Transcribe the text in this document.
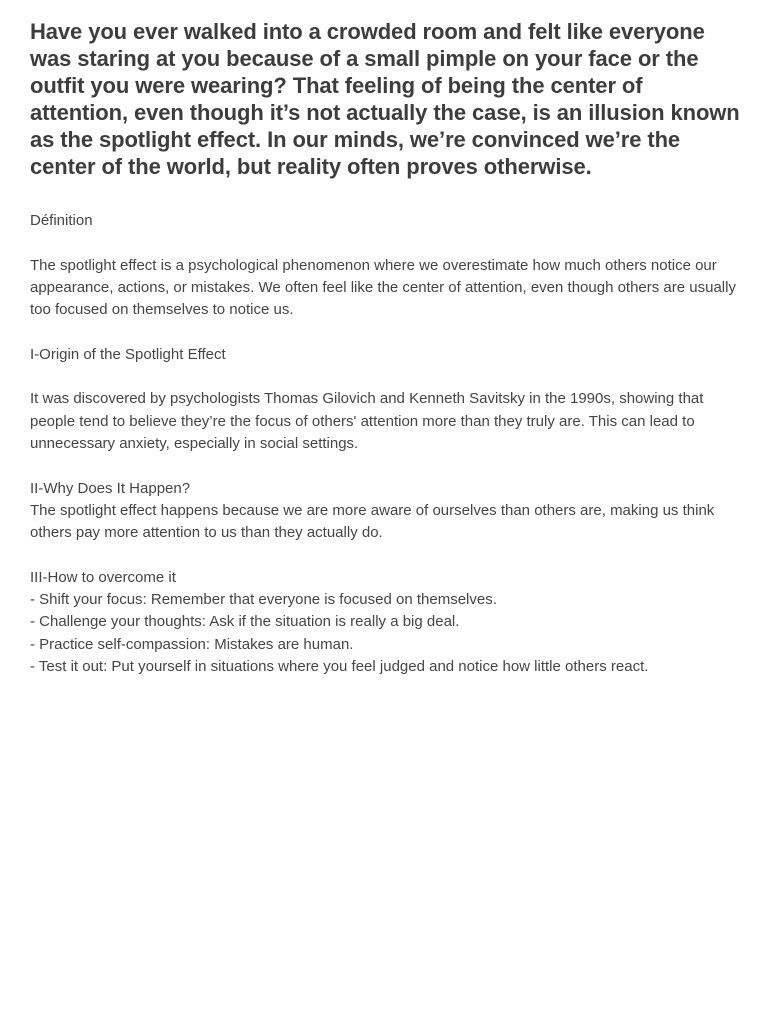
Have you ever walked into a crowded room and felt like everyone was staring at you because of a small pimple on your face or the outfit you were wearing? That feeling of being the center of attention, even though it’s not actually the case, is an illusion known as the spotlight effect. In our minds, we’re convinced we’re the center of the world, but reality often proves otherwise.
Définition
The spotlight effect is a psychological phenomenon where we overestimate how much others notice our appearance, actions, or mistakes. We often feel like the center of attention, even though others are usually too focused on themselves to notice us.
I-Origin of the Spotlight Effect
It was discovered by psychologists Thomas Gilovich and Kenneth Savitsky in the 1990s, showing that people tend to believe they’re the focus of others' attention more than they truly are. This can lead to unnecessary anxiety, especially in social settings.
II-Why Does It Happen?
The spotlight effect happens because we are more aware of ourselves than others are, making us think others pay more attention to us than they actually do.
III-How to overcome it
- Shift your focus: Remember that everyone is focused on themselves.
- Challenge your thoughts: Ask if the situation is really a big deal.
- Practice self-compassion: Mistakes are human.
- Test it out: Put yourself in situations where you feel judged and notice how little others react.
